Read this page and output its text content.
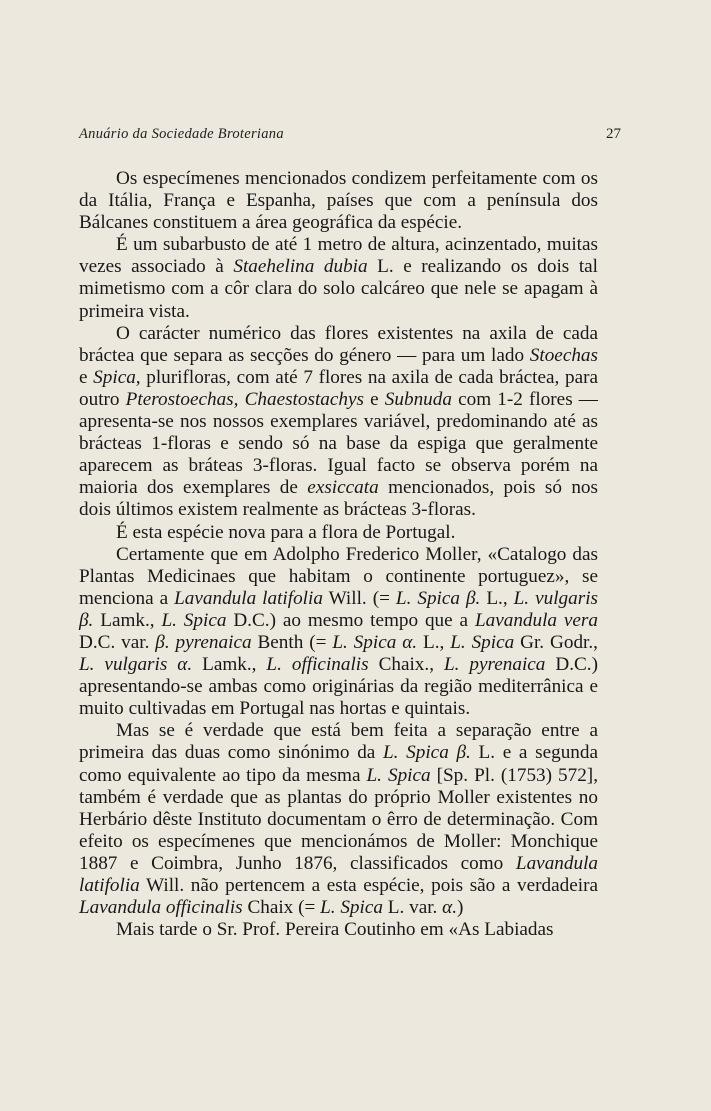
Anuário da Sociedade Broteriana	27

Os especímenes mencionados condizem perfeitamente com os da Itália, França e Espanha, países que com a península dos Bálcanes constituem a área geográfica da espécie.

É um subarbusto de até 1 metro de altura, acinzentado, muitas vezes associado à Staehelina dubia L. e realizando os dois tal mimetismo com a côr clara do solo calcáreo que nele se apagam à primeira vista.

O carácter numérico das flores existentes na axila de cada bráctea que separa as secções do género — para um lado Stoechas e Spica, plurifloras, com até 7 flores na axila de cada bráctea, para outro Pterostoechas, Chaestostachys e Subnuda com 1-2 flores — apresenta-se nos nossos exemplares variável, predominando até as brácteas 1-floras e sendo só na base da espiga que geralmente aparecem as bráteas 3-floras. Igual facto se observa porém na maioria dos exemplares de exsiccata mencionados, pois só nos dois últimos existem realmente as brácteas 3-floras.

É esta espécie nova para a flora de Portugal.

Certamente que em Adolpho Frederico Moller, «Catalogo das Plantas Medicinaes que habitam o continente portuguez», se menciona a Lavandula latifolia Will. (= L. Spica β. L., L. vulgaris β. Lamk., L. Spica D.C.) ao mesmo tempo que a Lavandula vera D.C. var. β. pyrenaica Benth (= L. Spica α. L., L. Spica Gr. Godr., L. vulgaris α. Lamk., L. officinalis Chaix., L. pyrenaica D.C.) apresentando-se ambas como originárias da região mediterrânica e muito cultivadas em Portugal nas hortas e quintais.

Mas se é verdade que está bem feita a separação entre a primeira das duas como sinónimo da L. Spica β. L. e a segunda como equivalente ao tipo da mesma L. Spica [Sp. Pl. (1753) 572], também é verdade que as plantas do próprio Moller existentes no Herbário dêste Instituto documentam o êrro de determinação. Com efeito os especímenes que mencionámos de Moller: Monchique 1887 e Coimbra, Junho 1876, classificados como Lavandula latifolia Will. não pertencem a esta espécie, pois são a verdadeira Lavandula officinalis Chaix (= L. Spica L. var. α.)

Mais tarde o Sr. Prof. Pereira Coutinho em «As Labiadas
